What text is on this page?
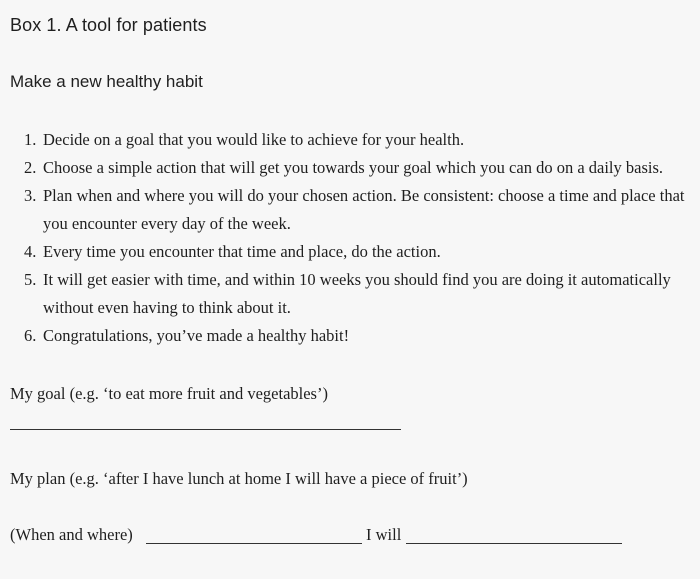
Box 1. A tool for patients
Make a new healthy habit
1. Decide on a goal that you would like to achieve for your health.
2. Choose a simple action that will get you towards your goal which you can do on a daily basis.
3. Plan when and where you will do your chosen action. Be consistent: choose a time and place that you encounter every day of the week.
4. Every time you encounter that time and place, do the action.
5. It will get easier with time, and within 10 weeks you should find you are doing it automatically without even having to think about it.
6. Congratulations, you’ve made a healthy habit!
My goal (e.g. ‘to eat more fruit and vegetables’)
My plan (e.g. ‘after I have lunch at home I will have a piece of fruit’)
(When and where)	I will
